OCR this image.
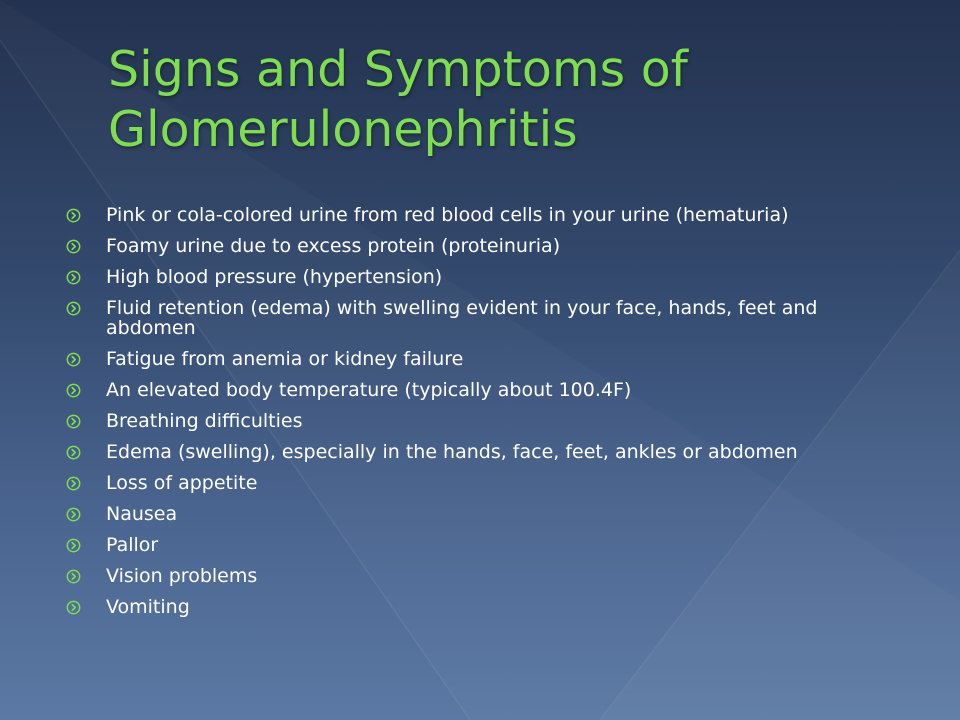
Signs and Symptoms of
Glomerulonephritis
Pink or cola-colored urine from red blood cells in your urine (hematuria)
Foamy urine due to excess protein (proteinuria)
High blood pressure (hypertension)
Fluid retention (edema) with swelling evident in your face, hands, feet and abdomen
Fatigue from anemia or kidney failure
An elevated body temperature (typically about 100.4F)
Breathing difficulties
Edema (swelling), especially in the hands, face, feet, ankles or abdomen
Loss of appetite
Nausea
Pallor
Vision problems
Vomiting
